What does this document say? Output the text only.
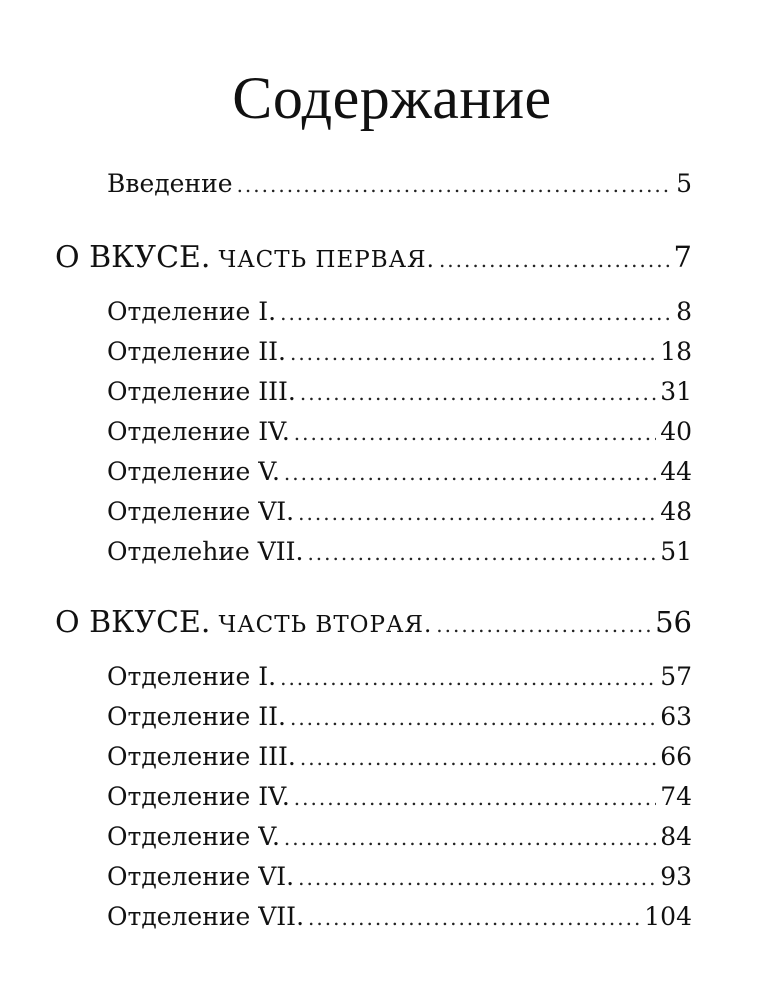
Содержание
Введение .....	5
О ВКУСЕ. ЧАСТЬ ПЕРВАЯ. .....	7
Отделение I. .....	8
Отделение II. .....	18
Отделение III. .....	31
Отделение IV. .....	40
Отделение V. .....	44
Отделение VI. .....	48
Отделеhие VII. .....	51
О ВКУСЕ. ЧАСТЬ ВТОРАЯ. .....	56
Отделение I. .....	57
Отделение II. .....	63
Отделение III. .....	66
Отделение IV. .....	74
Отделение V. .....	84
Отделение VI. .....	93
Отделение VII. .....	104
